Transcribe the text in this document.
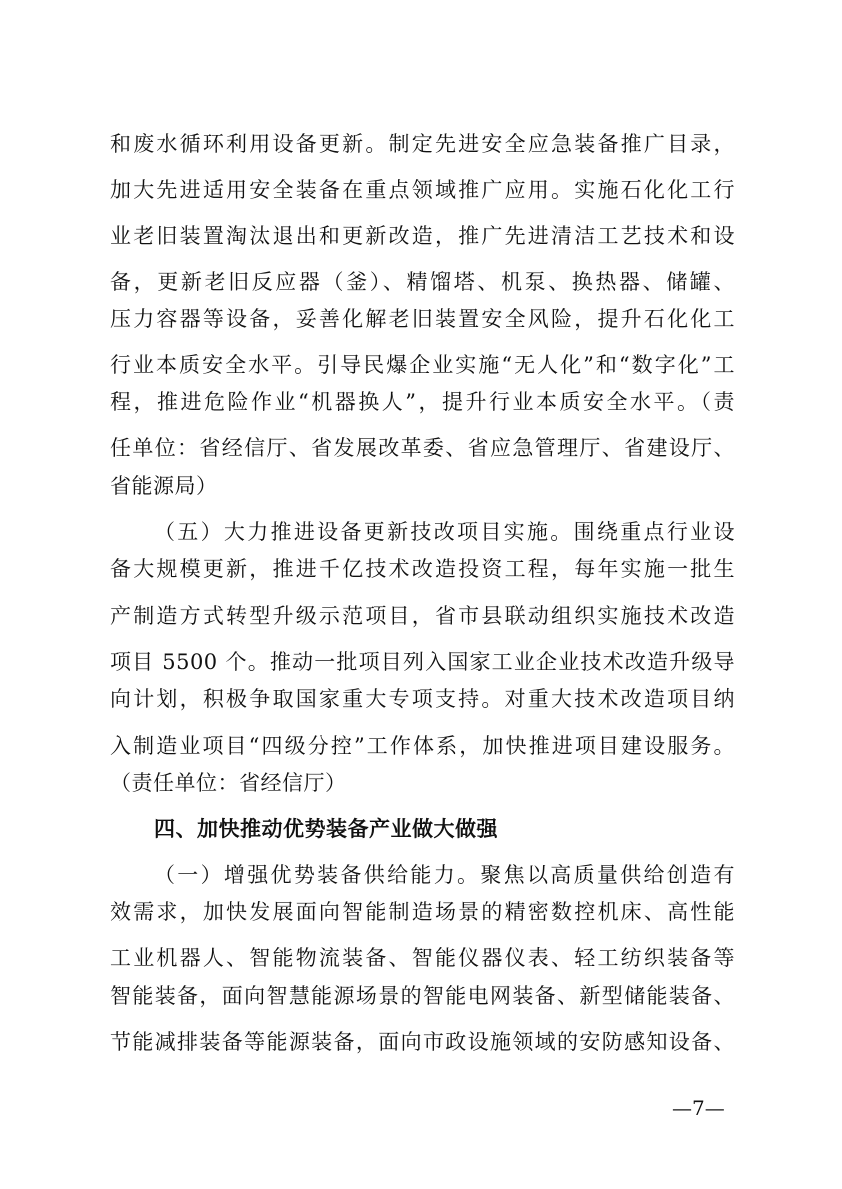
和废水循环利用设备更新。制定先进安全应急装备推广目录，
加大先进适用安全装备在重点领域推广应用。实施石化化工行
业老旧装置淘汰退出和更新改造，推广先进清洁工艺技术和设
备，更新老旧反应器（釜）、精馏塔、机泵、换热器、储罐、
压力容器等设备，妥善化解老旧装置安全风险，提升石化化工
行业本质安全水平。引导民爆企业实施“无人化”和“数字化”工
程，推进危险作业“机器换人”，提升行业本质安全水平。（责
任单位：省经信厅、省发展改革委、省应急管理厅、省建设厅、
省能源局）
（五）大力推进设备更新技改项目实施。围绕重点行业设
备大规模更新，推进千亿技术改造投资工程，每年实施一批生
产制造方式转型升级示范项目，省市县联动组织实施技术改造
项目 5500 个。推动一批项目列入国家工业企业技术改造升级导
向计划，积极争取国家重大专项支持。对重大技术改造项目纳
入制造业项目“四级分控”工作体系，加快推进项目建设服务。
（责任单位：省经信厅）
四、加快推动优势装备产业做大做强
（一）增强优势装备供给能力。聚焦以高质量供给创造有
效需求，加快发展面向智能制造场景的精密数控机床、高性能
工业机器人、智能物流装备、智能仪器仪表、轻工纺织装备等
智能装备，面向智慧能源场景的智能电网装备、新型储能装备、
节能减排装备等能源装备，面向市政设施领域的安防感知设备、
—7—
